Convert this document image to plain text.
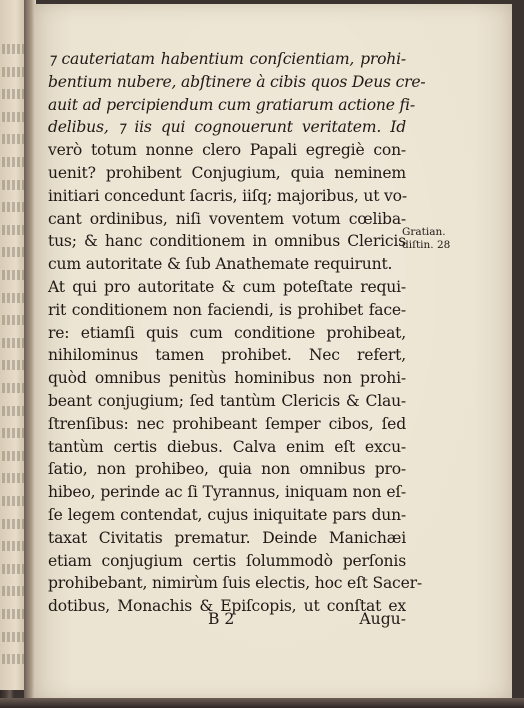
⁊ cauteriatam habentium conſcientiam, prohi-
bentium nubere, abſtinere à cibis quos Deus cre-
auit ad percipiendum cum gratiarum actione fi-
delibus, ⁊ iis qui cognouerunt veritatem. Id
verò totum nonne clero Papali egregiè con-
uenit? prohibent Conjugium, quia neminem
initiari concedunt ſacris, iiſq; majoribus, ut vo-
cant ordinibus, niſi voventem votum cœliba-
tus; & hanc conditionem in omnibus Clericis
cum autoritate & ſub Anathemate requirunt.
At qui pro autoritate & cum poteſtate requi-
rit conditionem non faciendi, is prohibet face-
re: etiamſi quis cum conditione prohibeat,
nihilominus tamen prohibet. Nec refert,
quòd omnibus penitùs hominibus non prohi-
beant conjugium; ſed tantùm Clericis & Clau-
ſtrenſibus: nec prohibeant ſemper cibos, ſed
tantùm certis diebus. Calva enim eſt excu-
ſatio, non prohibeo, quia non omnibus pro-
hibeo, perinde ac ſi Tyrannus, iniquam non eſ-
ſe legem contendat, cujus iniquitate pars dun-
taxat Civitatis prematur. Deinde Manichæi
etiam conjugium certis ſolummodò perſonis
prohibebant, nimirùm ſuis electis, hoc eſt Sacer-
dotibus, Monachis & Epiſcopis, ut conſtat ex
Gratian.
diſtin. 28
B 2	Augu-
